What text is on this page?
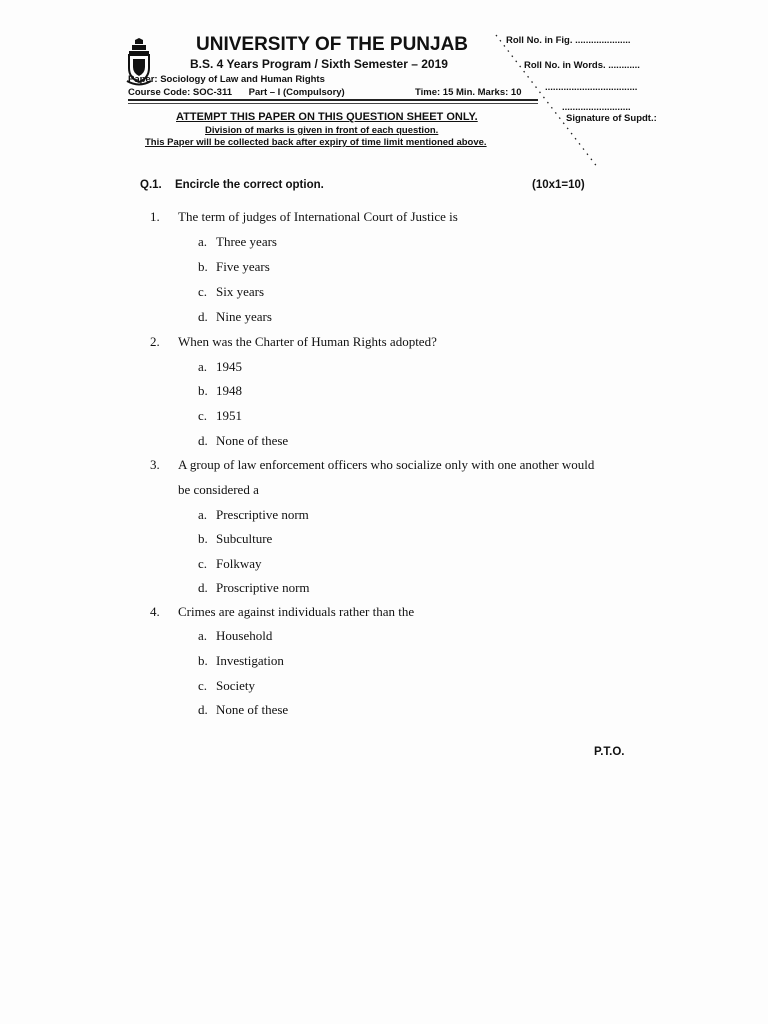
UNIVERSITY OF THE PUNJAB
B.S. 4 Years Program / Sixth Semester – 2019
Paper: Sociology of Law and Human Rights
Course Code: SOC-311 Part – I (Compulsory)	Time: 15 Min. Marks: 10
Roll No. in Fig. .....................
Roll No. in Words. ............
...................................
..........................
Signature of Supdt.:
ATTEMPT THIS PAPER ON THIS QUESTION SHEET ONLY.
Division of marks is given in front of each question.
This Paper will be collected back after expiry of time limit mentioned above.
Q.1. Encircle the correct option.	(10x1=10)
1. The term of judges of International Court of Justice is
a. Three years
b. Five years
c. Six years
d. Nine years
2. When was the Charter of Human Rights adopted?
a. 1945
b. 1948
c. 1951
d. None of these
3. A group of law enforcement officers who socialize only with one another would
be considered a
a. Prescriptive norm
b. Subculture
c. Folkway
d. Proscriptive norm
4. Crimes are against individuals rather than the
a. Household
b. Investigation
c. Society
d. None of these
P.T.O.
